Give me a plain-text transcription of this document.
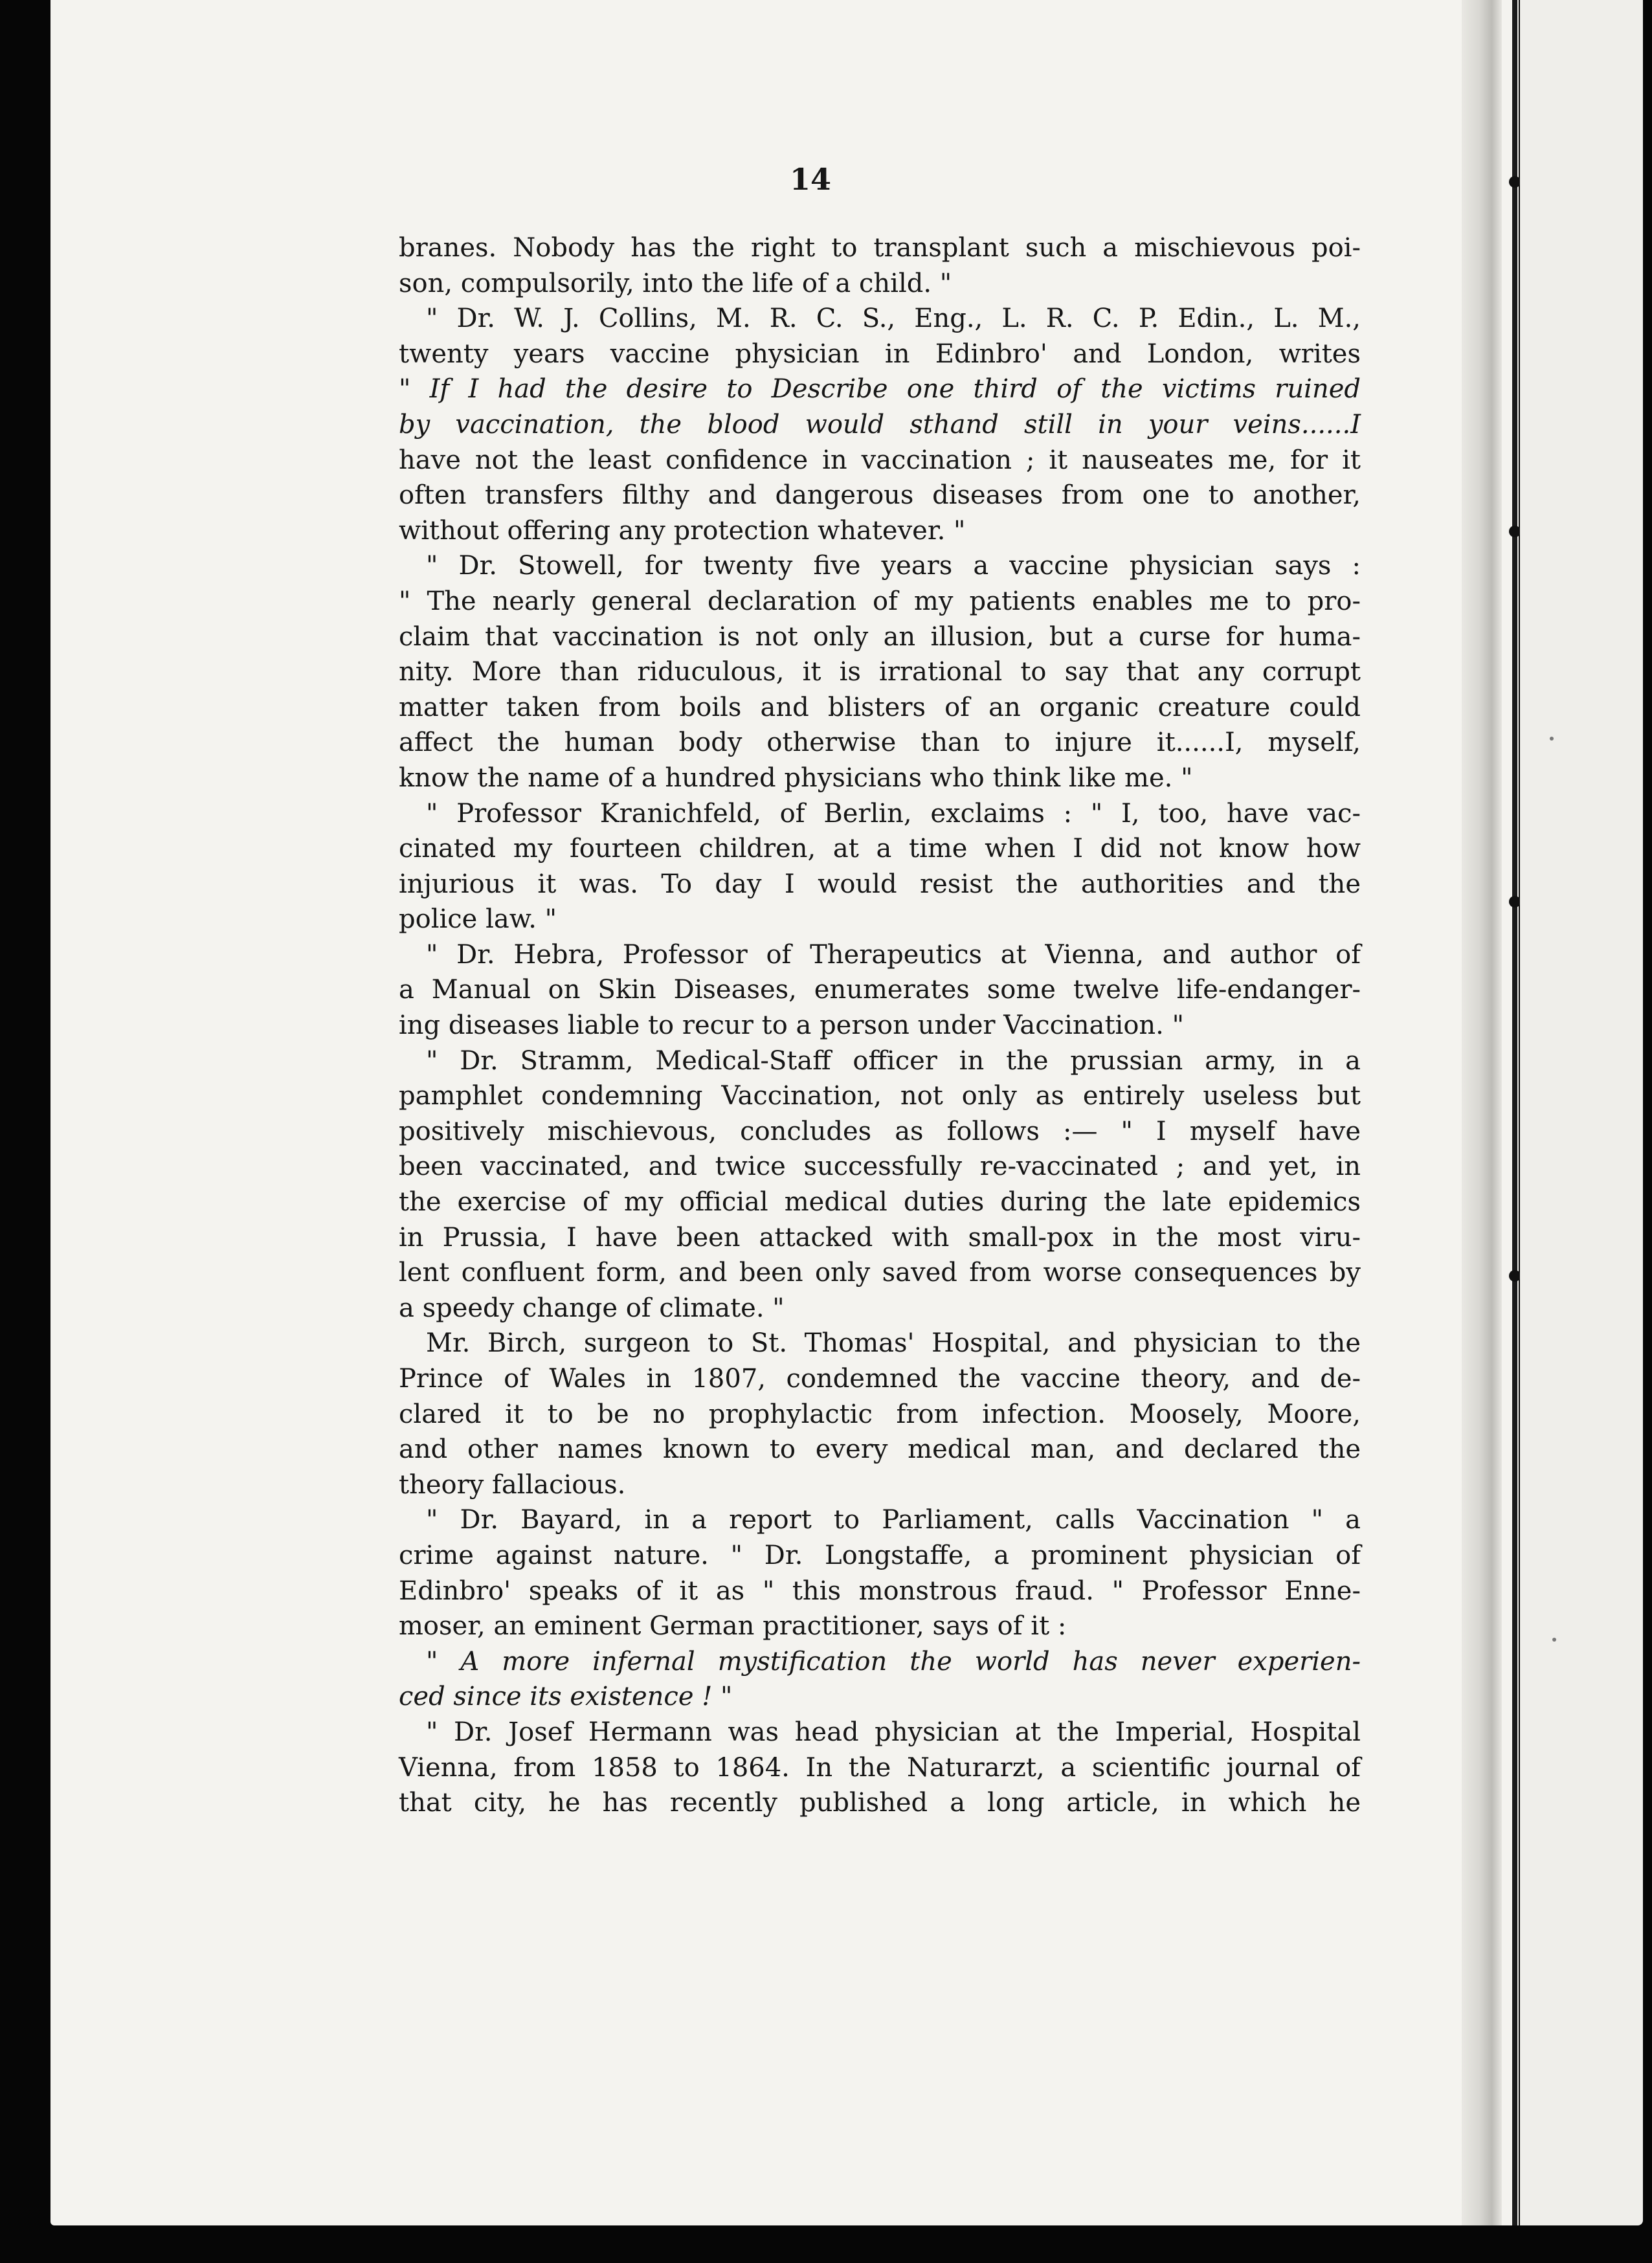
14

branes. Nobody has the right to transplant such a mischievous poi-
son, compulsorily, into the life of a child. "
" Dr. W. J. Collins, M. R. C. S., Eng., L. R. C. P. Edin., L. M.,
twenty years vaccine physician in Edinbro' and London, writes
" If I had the desire to Describe one third of the victims ruined
by vaccination, the blood would sthand still in your veins......I
have not the least confidence in vaccination ; it nauseates me, for it
often transfers filthy and dangerous diseases from one to another,
without offering any protection whatever. "
" Dr. Stowell, for twenty five years a vaccine physician says :
" The nearly general declaration of my patients enables me to pro-
claim that vaccination is not only an illusion, but a curse for huma-
nity. More than riduculous, it is irrational to say that any corrupt
matter taken from boils and blisters of an organic creature could
affect the human body otherwise than to injure it......I, myself,
know the name of a hundred physicians who think like me. "
" Professor Kranichfeld, of Berlin, exclaims : " I, too, have vac-
cinated my fourteen children, at a time when I did not know how
injurious it was. To day I would resist the authorities and the
police law. "
" Dr. Hebra, Professor of Therapeutics at Vienna, and author of
a Manual on Skin Diseases, enumerates some twelve life-endanger-
ing diseases liable to recur to a person under Vaccination. "
" Dr. Stramm, Medical-Staff officer in the prussian army, in a
pamphlet condemning Vaccination, not only as entirely useless but
positively mischievous, concludes as follows :— " I myself have
been vaccinated, and twice successfully re-vaccinated ; and yet, in
the exercise of my official medical duties during the late epidemics
in Prussia, I have been attacked with small-pox in the most viru-
lent confluent form, and been only saved from worse consequences by
a speedy change of climate. "
Mr. Birch, surgeon to St. Thomas' Hospital, and physician to the
Prince of Wales in 1807, condemned the vaccine theory, and de-
clared it to be no prophylactic from infection. Moosely, Moore,
and other names known to every medical man, and declared the
theory fallacious.
" Dr. Bayard, in a report to Parliament, calls Vaccination " a
crime against nature. " Dr. Longstaffe, a prominent physician of
Edinbro' speaks of it as " this monstrous fraud. " Professor Enne-
moser, an eminent German practitioner, says of it :
" A more infernal mystification the world has never experien-
ced since its existence ! "
" Dr. Josef Hermann was head physician at the Imperial, Hospital
Vienna, from 1858 to 1864. In the Naturarzt, a scientific journal of
that city, he has recently published a long article, in which he
